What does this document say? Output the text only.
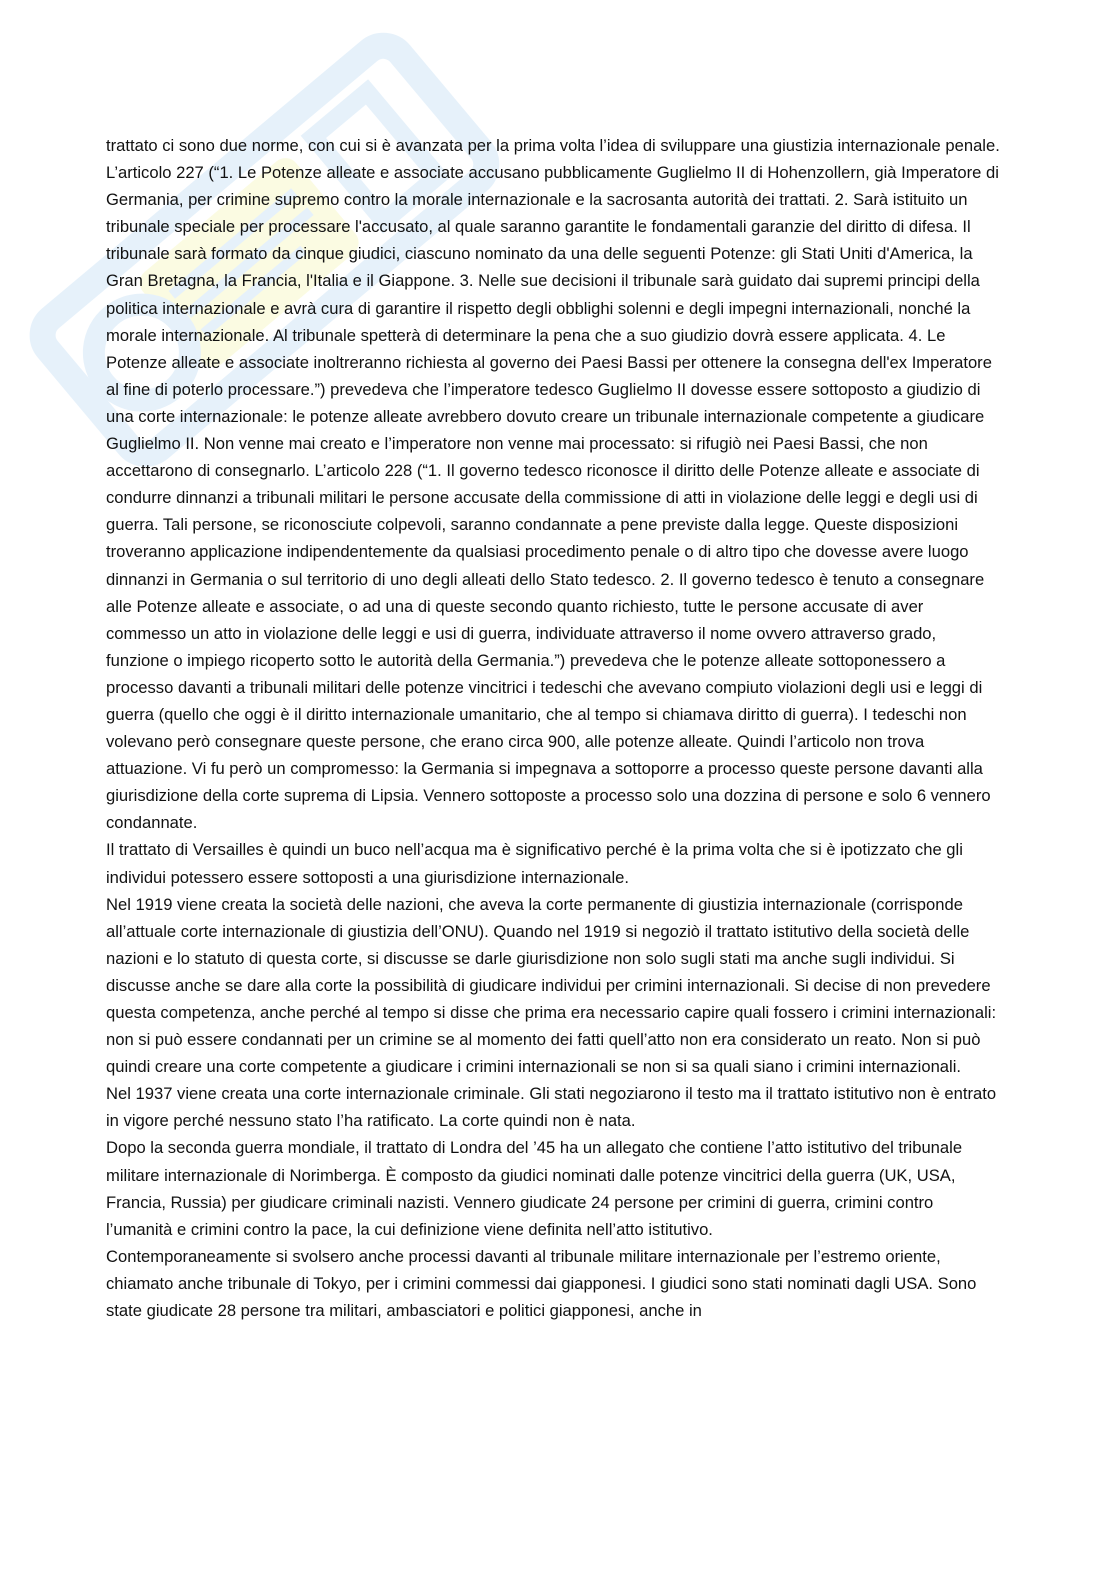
trattato ci sono due norme, con cui si è avanzata per la prima volta l’idea di sviluppare una giustizia internazionale penale. L’articolo 227 (“1. Le Potenze alleate e associate accusano pubblicamente Guglielmo II di Hohenzollern, già Imperatore di Germania, per crimine supremo contro la morale internazionale e la sacrosanta autorità dei trattati. 2. Sarà istituito un tribunale speciale per processare l'accusato, al quale saranno garantite le fondamentali garanzie del diritto di difesa. Il tribunale sarà formato da cinque giudici, ciascuno nominato da una delle seguenti Potenze: gli Stati Uniti d'America, la Gran Bretagna, la Francia, l'Italia e il Giappone. 3. Nelle sue decisioni il tribunale sarà guidato dai supremi principi della politica internazionale e avrà cura di garantire il rispetto degli obblighi solenni e degli impegni internazionali, nonché la morale internazionale. Al tribunale spetterà di determinare la pena che a suo giudizio dovrà essere applicata. 4. Le Potenze alleate e associate inoltreranno richiesta al governo dei Paesi Bassi per ottenere la consegna dell'ex Imperatore al fine di poterlo processare.”) prevedeva che l’imperatore tedesco Guglielmo II dovesse essere sottoposto a giudizio di una corte internazionale: le potenze alleate avrebbero dovuto creare un tribunale internazionale competente a giudicare Guglielmo II. Non venne mai creato e l’imperatore non venne mai processato: si rifugiò nei Paesi Bassi, che non accettarono di consegnarlo. L’articolo 228 (“1. Il governo tedesco riconosce il diritto delle Potenze alleate e associate di condurre dinnanzi a tribunali militari le persone accusate della commissione di atti in violazione delle leggi e degli usi di guerra. Tali persone, se riconosciute colpevoli, saranno condannate a pene previste dalla legge. Queste disposizioni troveranno applicazione indipendentemente da qualsiasi procedimento penale o di altro tipo che dovesse avere luogo dinnanzi in Germania o sul territorio di uno degli alleati dello Stato tedesco. 2. Il governo tedesco è tenuto a consegnare alle Potenze alleate e associate, o ad una di queste secondo quanto richiesto, tutte le persone accusate di aver commesso un atto in violazione delle leggi e usi di guerra, individuate attraverso il nome ovvero attraverso grado, funzione o impiego ricoperto sotto le autorità della Germania.”) prevedeva che le potenze alleate sottoponessero a processo davanti a tribunali militari delle potenze vincitrici i tedeschi che avevano compiuto violazioni degli usi e leggi di guerra (quello che oggi è il diritto internazionale umanitario, che al tempo si chiamava diritto di guerra). I tedeschi non volevano però consegnare queste persone, che erano circa 900, alle potenze alleate. Quindi l’articolo non trova attuazione. Vi fu però un compromesso: la Germania si impegnava a sottoporre a processo queste persone davanti alla giurisdizione della corte suprema di Lipsia. Vennero sottoposte a processo solo una dozzina di persone e solo 6 vennero condannate.

Il trattato di Versailles è quindi un buco nell’acqua ma è significativo perché è la prima volta che si è ipotizzato che gli individui potessero essere sottoposti a una giurisdizione internazionale.

Nel 1919 viene creata la società delle nazioni, che aveva la corte permanente di giustizia internazionale (corrisponde all’attuale corte internazionale di giustizia dell’ONU). Quando nel 1919 si negoziò il trattato istitutivo della società delle nazioni e lo statuto di questa corte, si discusse se darle giurisdizione non solo sugli stati ma anche sugli individui. Si discusse anche se dare alla corte la possibilità di giudicare individui per crimini internazionali. Si decise di non prevedere questa competenza, anche perché al tempo si disse che prima era necessario capire quali fossero i crimini internazionali: non si può essere condannati per un crimine se al momento dei fatti quell’atto non era considerato un reato. Non si può quindi creare una corte competente a giudicare i crimini internazionali se non si sa quali siano i crimini internazionali.

Nel 1937 viene creata una corte internazionale criminale. Gli stati negoziarono il testo ma il trattato istitutivo non è entrato in vigore perché nessuno stato l’ha ratificato. La corte quindi non è nata.

Dopo la seconda guerra mondiale, il trattato di Londra del ’45 ha un allegato che contiene l’atto istitutivo del tribunale militare internazionale di Norimberga. È composto da giudici nominati dalle potenze vincitrici della guerra (UK, USA, Francia, Russia) per giudicare criminali nazisti. Vennero giudicate 24 persone per crimini di guerra, crimini contro l’umanità e crimini contro la pace, la cui definizione viene definita nell’atto istitutivo.

Contemporaneamente si svolsero anche processi davanti al tribunale militare internazionale per l’estremo oriente, chiamato anche tribunale di Tokyo, per i crimini commessi dai giapponesi. I giudici sono stati nominati dagli USA. Sono state giudicate 28 persone tra militari, ambasciatori e politici giapponesi, anche in
